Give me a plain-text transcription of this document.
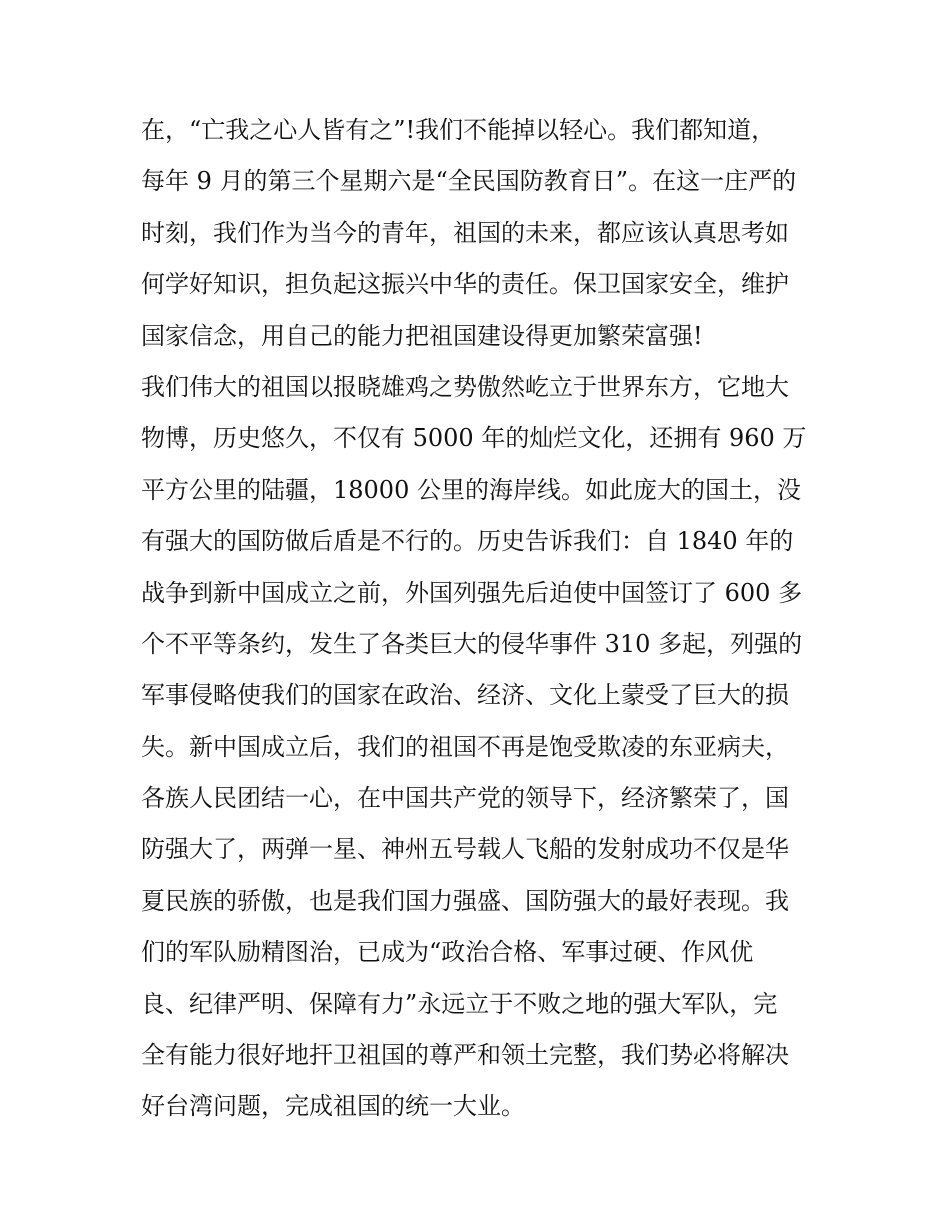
在，“亡我之心人皆有之”!我们不能掉以轻心。我们都知道，
每年 9 月的第三个星期六是“全民国防教育日”。在这一庄严的
时刻，我们作为当今的青年，祖国的未来，都应该认真思考如
何学好知识，担负起这振兴中华的责任。保卫国家安全，维护
国家信念，用自己的能力把祖国建设得更加繁荣富强!
我们伟大的祖国以报晓雄鸡之势傲然屹立于世界东方，它地大
物博，历史悠久，不仅有 5000 年的灿烂文化，还拥有 960 万
平方公里的陆疆，18000 公里的海岸线。如此庞大的国土，没
有强大的国防做后盾是不行的。历史告诉我们：自 1840 年的
战争到新中国成立之前，外国列强先后迫使中国签订了 600 多
个不平等条约，发生了各类巨大的侵华事件 310 多起，列强的
军事侵略使我们的国家在政治、经济、文化上蒙受了巨大的损
失。新中国成立后，我们的祖国不再是饱受欺凌的东亚病夫，
各族人民团结一心，在中国共产党的领导下，经济繁荣了，国
防强大了，两弹一星、神州五号载人飞船的发射成功不仅是华
夏民族的骄傲，也是我们国力强盛、国防强大的最好表现。我
们的军队励精图治，已成为“政治合格、军事过硬、作风优
良、纪律严明、保障有力”永远立于不败之地的强大军队，完
全有能力很好地扞卫祖国的尊严和领土完整，我们势必将解决
好台湾问题，完成祖国的统一大业。
